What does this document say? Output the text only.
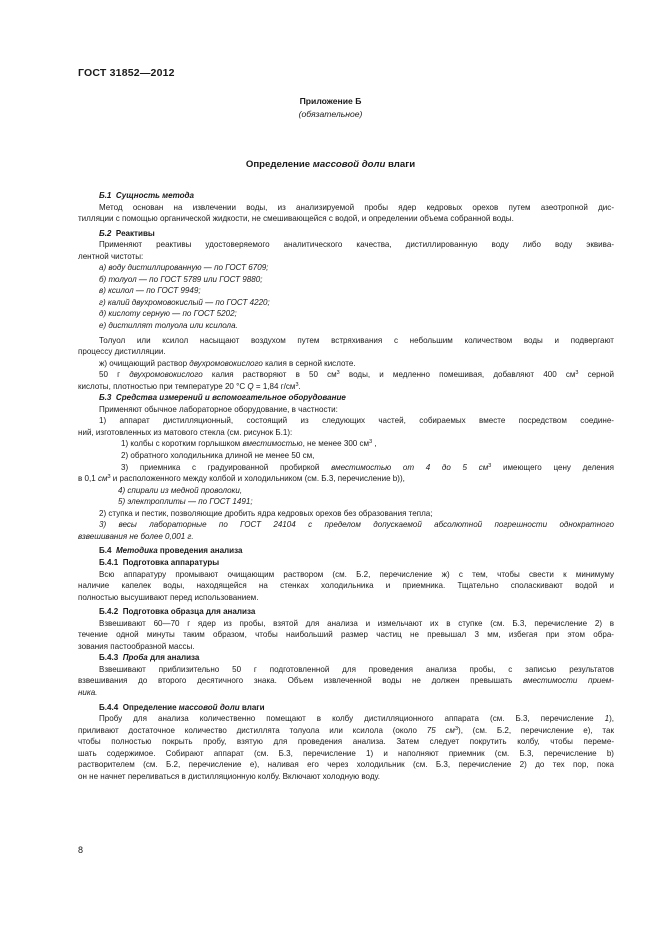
ГОСТ 31852—2012
Приложение Б
(обязательное)
Определение массовой доли влаги

Б.1 Сущность метода

Метод основан на извлечении воды, из анализируемой пробы ядер кедровых орехов путем азеотропной дис-

тилляции с помощью органической жидкости, не смешивающейся с водой, и определении объема собранной воды.

Б.2 Реактивы

Применяют реактивы удостоверяемого аналитического качества, дистиллированную воду либо воду эквива-

лентной чистоты:

а) воду дистиллированную — по ГОСТ 6709;

б) толуол — по ГОСТ 5789 или ГОСТ 9880;

в) ксилол — по ГОСТ 9949;

г) калий двухромовокислый — по ГОСТ 4220;

д) кислоту серную — по ГОСТ 5202;

е) дистиллят толуола или ксилола.

Толуол или ксилол насыщают воздухом путем встряхивания с небольшим количеством воды и подвергают

процессу дистилляции.

ж) очищающий раствор двухромовокислого калия в серной кислоте.

50 г двухромовокислого калия растворяют в 50 $см^3$ воды, и медленно помешивая, добавляют 400 $см^3$ серной

кислоты, плотностью при температуре 20 °С Q = 1,84 $г/см^3$.

Б.3 Средства измерений и вспомогательное оборудование

Применяют обычное лабораторное оборудование, в частности:

1) аппарат дистилляционный, состоящий из следующих частей, собираемых вместе посредством соедине-

ний, изготовленных из матового стекла (см. рисунок Б.1):

1) колбы с коротким горлышком вместимостью, не менее 300 $см^3$ ,

2) обратного холодильника длиной не менее 50 см,

3) приемника с градуированной пробиркой вместимостью от 4 до 5 $см^3$ имеющего цену деления

в 0,1 $см^3$ и расположенного между колбой и холодильником (см. Б.3, перечисление b)),

4) спирали из медной проволоки,

5) электроплиты — по ГОСТ 1491;

2) ступка и пестик, позволяющие дробить ядра кедровых орехов без образования тепла;

3) весы лабораторные по ГОСТ 24104 с пределом допускаемой абсолютной погрешности однократного

взвешивания не более 0,001 г.

Б.4 Методика проведения анализа

Б.4.1 Подготовка аппаратуры

Всю аппаратуру промывают очищающим раствором (см. Б.2, перечисление ж) с тем, чтобы свести к минимуму

наличие капелек воды, находящейся на стенках холодильника и приемника. Тщательно споласкивают водой и

полностью высушивают перед использованием.

Б.4.2 Подготовка образца для анализа

Взвешивают 60—70 г ядер из пробы, взятой для анализа и измельчают их в ступке (см. Б.3, перечисление 2) в

течение одной минуты таким образом, чтобы наибольший размер частиц не превышал 3 мм, избегая при этом обра-

зования пастообразной массы.

Б.4.3 Проба для анализа

Взвешивают приблизительно 50 г подготовленной для проведения анализа пробы, с записью результатов

взвешивания до второго десятичного знака. Объем извлеченной воды не должен превышать вместимости прием-

ника.

Б.4.4 Определение массовой доли влаги

Пробу для анализа количественно помещают в колбу дистилляционного аппарата (см. Б.3, перечисление 1),

приливают достаточное количество дистиллята толуола или ксилола (около 75 $см^3$), (см. Б.2, перечисление е), так

чтобы полностью покрыть пробу, взятую для проведения анализа. Затем следует покрутить колбу, чтобы переме-

шать содержимое. Собирают аппарат (см. Б.3, перечисление 1) и наполняют приемник (см. Б.3, перечисление b)

растворителем (см. Б.2, перечисление е), наливая его через холодильник (см. Б.3, перечисление 2) до тех пор, пока

он не начнет переливаться в дистилляционную колбу. Включают холодную воду.

8
